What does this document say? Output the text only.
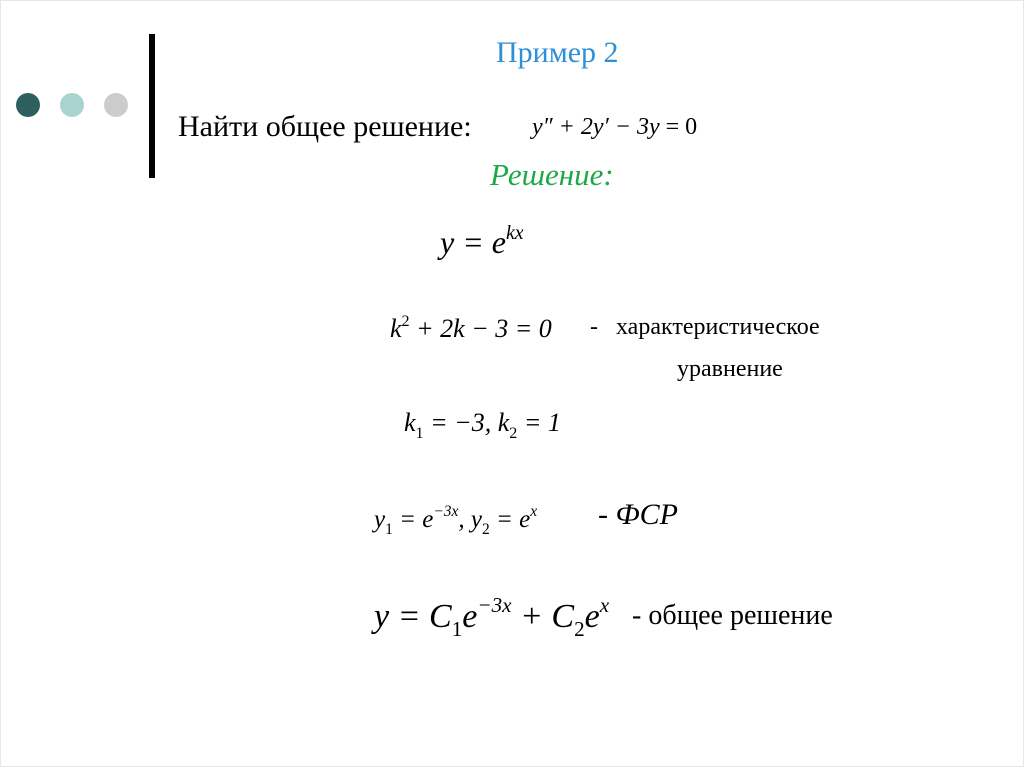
Пример 2
Найти общее решение:	y″ + 2y′ − 3y = 0
Решение:
$y = e^{kx}$
$k^2 + 2k - 3 = 0$ - характеристическое
уравнение
$k_1 = -3$, $k_2 = 1$
$y_1 = e^{-3x}$, $y_2 = e^x$ - ФСР
$y = C_1e^{-3x} + C_2e^x$ - общее решение
